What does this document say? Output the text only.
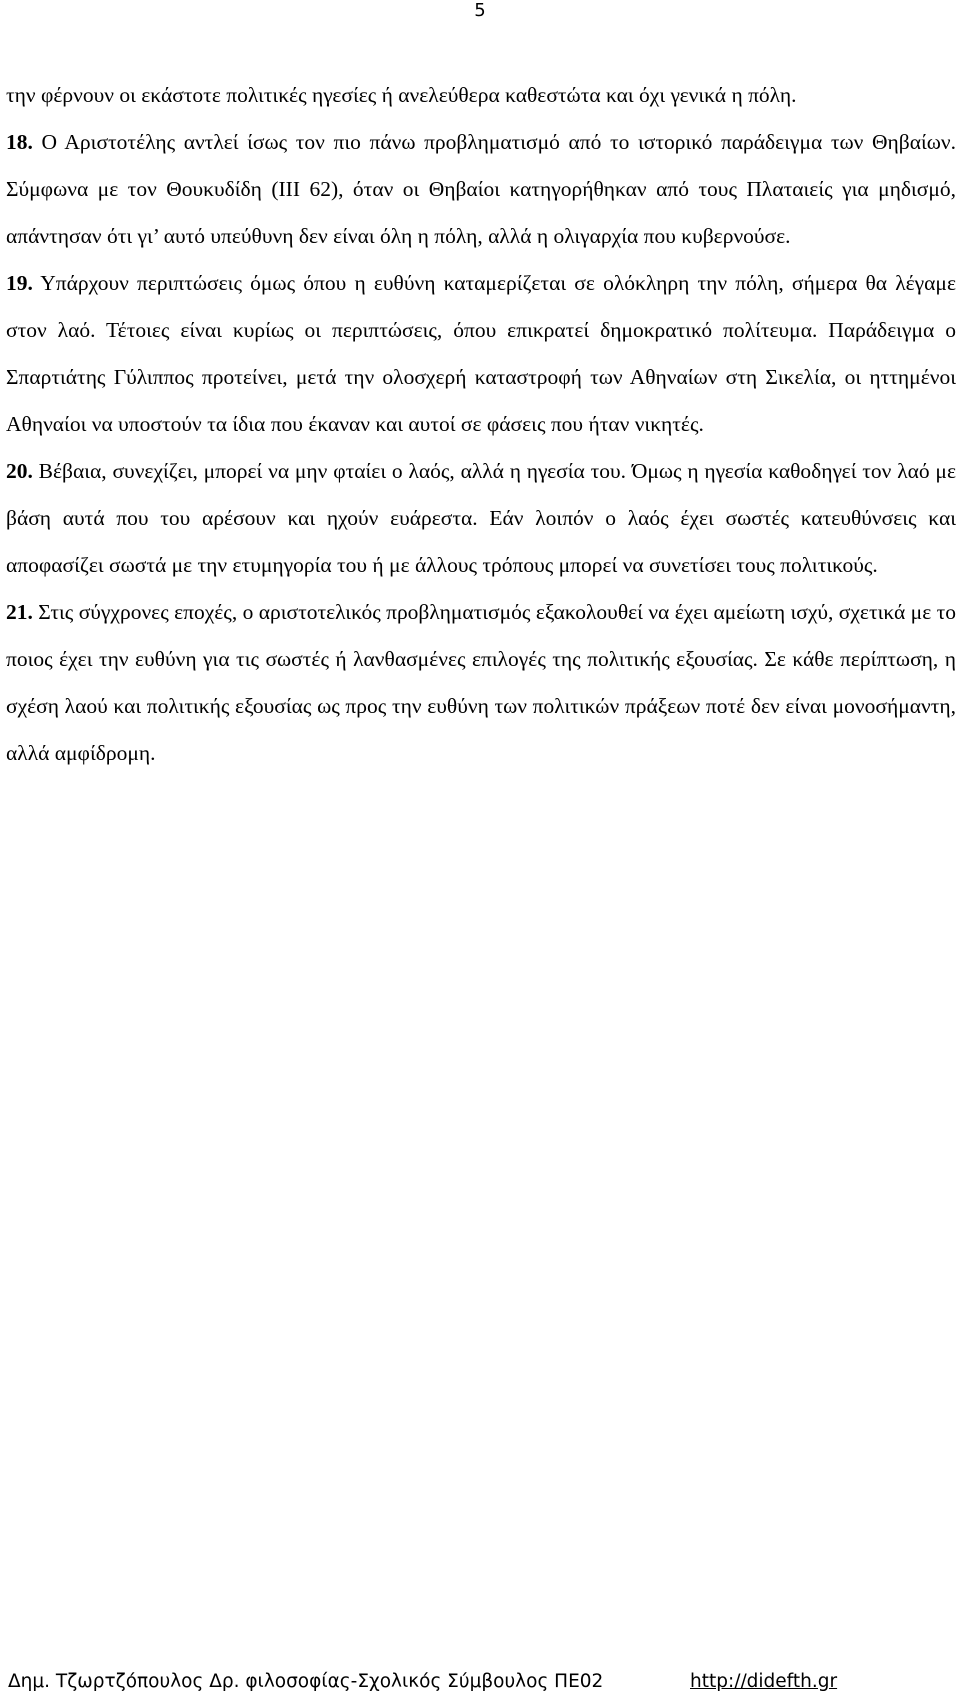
5

την φέρνουν οι εκάστοτε πολιτικές ηγεσίες ή ανελεύθερα καθεστώτα και όχι γενικά η πόλη.

18. Ο Αριστοτέλης αντλεί ίσως τον πιο πάνω προβληματισμό από το ιστορικό παράδειγμα των Θηβαίων. Σύμφωνα με τον Θουκυδίδη (ΙΙΙ 62), όταν οι Θηβαίοι κατηγορήθηκαν από τους Πλαταιείς για μηδισμό, απάντησαν ότι γι’ αυτό υπεύθυνη δεν είναι όλη η πόλη, αλλά η ολιγαρχία που κυβερνούσε.

19. Υπάρχουν περιπτώσεις όμως όπου η ευθύνη καταμερίζεται σε ολόκληρη την πόλη, σήμερα θα λέγαμε στον λαό. Τέτοιες είναι κυρίως οι περιπτώσεις, όπου επικρατεί δημοκρατικό πολίτευμα. Παράδειγμα ο Σπαρτιάτης Γύλιππος προτείνει, μετά την ολοσχερή καταστροφή των Αθηναίων στη Σικελία, οι ηττημένοι Αθηναίοι να υποστούν τα ίδια που έκαναν και αυτοί σε φάσεις που ήταν νικητές.

20. Βέβαια, συνεχίζει, μπορεί να μην φταίει ο λαός, αλλά η ηγεσία του. Όμως η ηγεσία καθοδηγεί τον λαό με βάση αυτά που του αρέσουν και ηχούν ευάρεστα. Εάν λοιπόν ο λαός έχει σωστές κατευθύνσεις και αποφασίζει σωστά με την ετυμηγορία του ή με άλλους τρόπους μπορεί να συνετίσει τους πολιτικούς.

21. Στις σύγχρονες εποχές, ο αριστοτελικός προβληματισμός εξακολουθεί να έχει αμείωτη ισχύ, σχετικά με το ποιος έχει την ευθύνη για τις σωστές ή λανθασμένες επιλογές της πολιτικής εξουσίας. Σε κάθε περίπτωση, η σχέση λαού και πολιτικής εξουσίας ως προς την ευθύνη των πολιτικών πράξεων ποτέ δεν είναι μονοσήμαντη, αλλά αμφίδρομη.

Δημ. Τζωρτζόπουλος Δρ. φιλοσοφίας-Σχολικός Σύμβουλος ΠΕ02	http://didefth.gr
